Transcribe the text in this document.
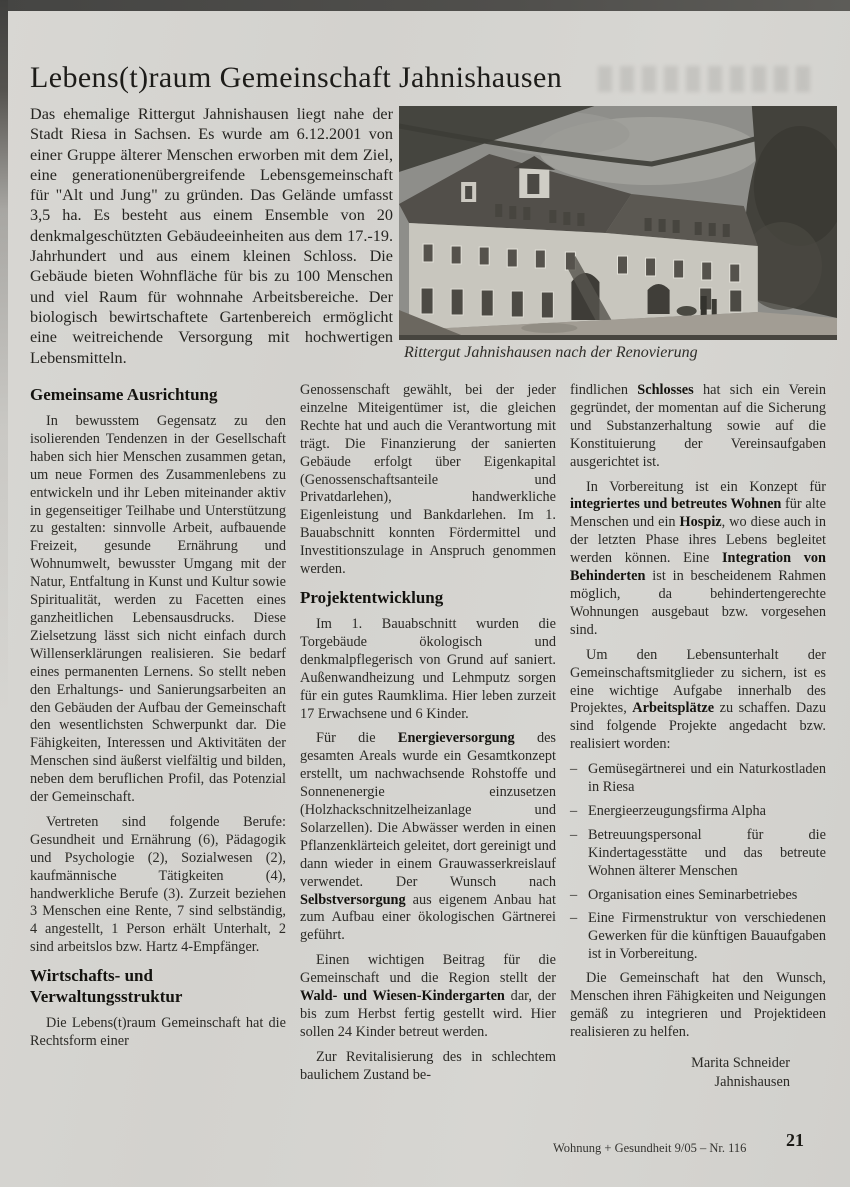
Lebens(t)raum Gemeinschaft Jahnishausen
Das ehemalige Rittergut Jahnishausen liegt nahe der Stadt Riesa in Sachsen. Es wurde am 6.12.2001 von einer Gruppe älterer Menschen erworben mit dem Ziel, eine generationenübergreifende Lebensgemeinschaft für "Alt und Jung" zu gründen. Das Gelände umfasst 3,5 ha. Es besteht aus einem Ensemble von 20 denkmalgeschützten Gebäudeeinheiten aus dem 17.-19. Jahrhundert und aus einem kleinen Schloss. Die Gebäude bieten Wohnfläche für bis zu 100 Menschen und viel Raum für wohnnahe Arbeitsbereiche. Der biologisch bewirtschaftete Gartenbereich ermöglicht eine weitreichende Versorgung mit hochwertigen Lebensmitteln.	Rittergut Jahnishausen nach der Renovierung
Gemeinsame Ausrichtung

In bewusstem Gegensatz zu den isolierenden Tendenzen in der Gesellschaft haben sich hier Menschen zusammen getan, um neue Formen des Zusammenlebens zu entwickeln und ihr Leben miteinander aktiv in gegenseitiger Teilhabe und Unterstützung zu gestalten: sinnvolle Arbeit, aufbauende Freizeit, gesunde Ernährung und Wohnumwelt, bewusster Umgang mit der Natur, Entfaltung in Kunst und Kultur sowie Spiritualität, werden zu Facetten eines ganzheitlichen Lebensausdrucks. Diese Zielsetzung lässt sich nicht einfach durch Willenserklärungen realisieren. Sie bedarf eines permanenten Lernens. So stellt neben den Erhaltungs- und Sanierungsarbeiten an den Gebäuden der Aufbau der Gemeinschaft den wesentlichsten Schwerpunkt dar. Die Fähigkeiten, Interessen und Aktivitäten der Menschen sind äußerst vielfältig und bilden, neben dem beruflichen Profil, das Potenzial der Gemeinschaft.

Vertreten sind folgende Berufe: Gesundheit und Ernährung (6), Pädagogik und Psychologie (2), Sozialwesen (2), kaufmännische Tätigkeiten (4), handwerkliche Berufe (3). Zurzeit beziehen 3 Menschen eine Rente, 7 sind selbständig, 4 angestellt, 1 Person erhält Unterhalt, 2 sind arbeitslos bzw. Hartz 4-Empfänger.

Wirtschafts- und Verwaltungsstruktur

Die Lebens(t)raum Gemeinschaft hat die Rechtsform einer

Genossenschaft gewählt, bei der jeder einzelne Miteigentümer ist, die gleichen Rechte hat und auch die Verantwortung mit trägt. Die Finanzierung der sanierten Gebäude erfolgt über Eigenkapital (Genossenschaftsanteile und Privatdarlehen), handwerkliche Eigenleistung und Bankdarlehen. Im 1. Bauabschnitt konnten Fördermittel und Investitionszulage in Anspruch genommen werden.

Projektentwicklung

Im 1. Bauabschnitt wurden die Torgebäude ökologisch und denkmalpflegerisch von Grund auf saniert. Außenwandheizung und Lehmputz sorgen für ein gutes Raumklima. Hier leben zurzeit 17 Erwachsene und 6 Kinder.

Für die Energieversorgung des gesamten Areals wurde ein Gesamtkonzept erstellt, um nachwachsende Rohstoffe und Sonnenenergie einzusetzen (Holzhackschnitzelheizanlage und Solarzellen). Die Abwässer werden in einen Pflanzenklärteich geleitet, dort gereinigt und dann wieder in einem Grauwasserkreislauf verwendet. Der Wunsch nach Selbstversorgung aus eigenem Anbau hat zum Aufbau einer ökologischen Gärtnerei geführt.

Einen wichtigen Beitrag für die Gemeinschaft und die Region stellt der Wald- und Wiesen-Kindergarten dar, der bis zum Herbst fertig gestellt wird. Hier sollen 24 Kinder betreut werden.

Zur Revitalisierung des in schlechtem baulichem Zustand be-

findlichen Schlosses hat sich ein Verein gegründet, der momentan auf die Sicherung und Substanzerhaltung sowie auf die Konstituierung der Vereinsaufgaben ausgerichtet ist.

In Vorbereitung ist ein Konzept für integriertes und betreutes Wohnen für alte Menschen und ein Hospiz, wo diese auch in der letzten Phase ihres Lebens begleitet werden können. Eine Integration von Behinderten ist in bescheidenem Rahmen möglich, da behindertengerechte Wohnungen ausgebaut bzw. vorgesehen sind.

Um den Lebensunterhalt der Gemeinschaftsmitglieder zu sichern, ist es eine wichtige Aufgabe innerhalb des Projektes, Arbeitsplätze zu schaffen. Dazu sind folgende Projekte angedacht bzw. realisiert worden:

– Gemüsegärtnerei und ein Naturkostladen in Riesa
– Energieerzeugungsfirma Alpha
– Betreuungspersonal für die Kindertagesstätte und das betreute Wohnen älterer Menschen
– Organisation eines Seminarbetriebes
– Eine Firmenstruktur von verschiedenen Gewerken für die künftigen Bauaufgaben ist in Vorbereitung.

Die Gemeinschaft hat den Wunsch, Menschen ihren Fähigkeiten und Neigungen gemäß zu integrieren und Projektideen realisieren zu helfen.

Marita Schneider
Jahnishausen
Wohnung + Gesundheit 9/05 – Nr. 116 21
